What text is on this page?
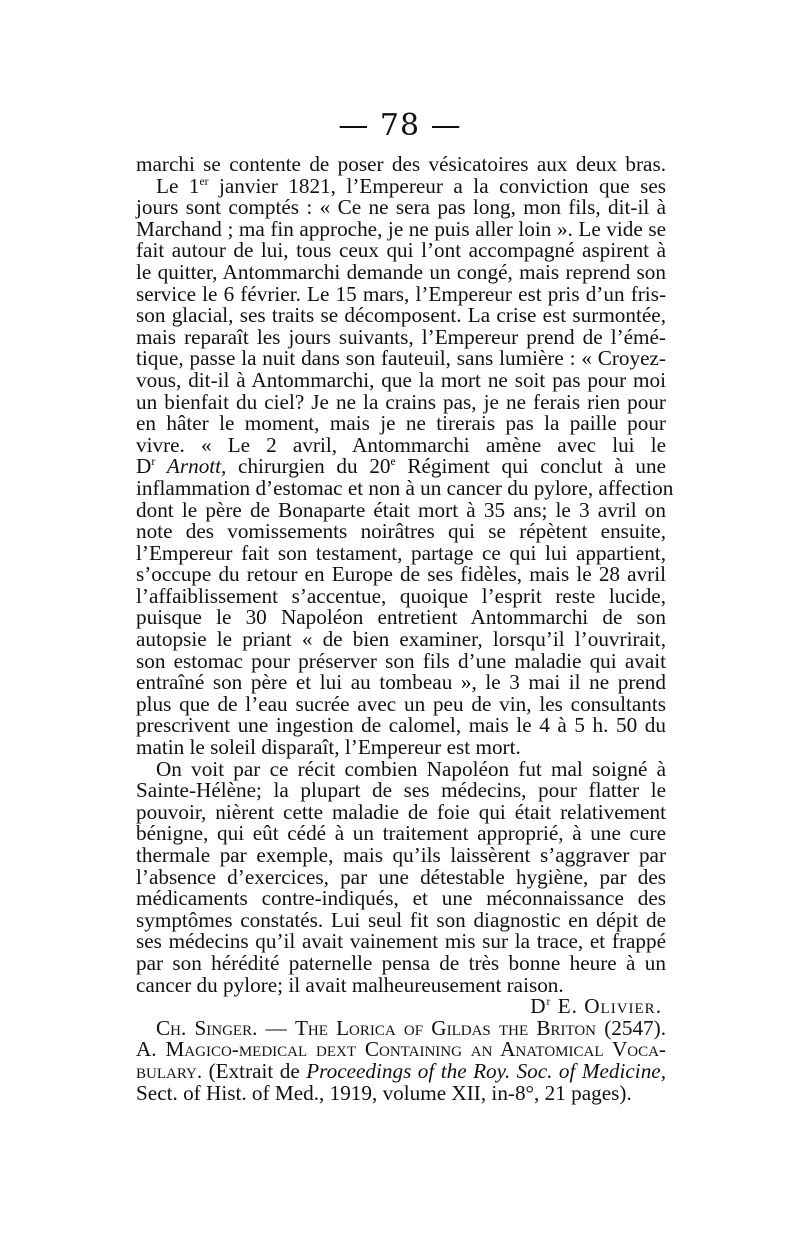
— 78 —
marchi se contente de poser des vésicatoires aux deux bras.
Le 1er janvier 1821, l’Empereur a la conviction que ses
jours sont comptés : « Ce ne sera pas long, mon fils, dit-il à
Marchand ; ma fin approche, je ne puis aller loin ». Le vide se
fait autour de lui, tous ceux qui l’ont accompagné aspirent à
le quitter, Antommarchi demande un congé, mais reprend son
service le 6 février. Le 15 mars, l’Empereur est pris d’un fris-
son glacial, ses traits se décomposent. La crise est surmontée,
mais reparaît les jours suivants, l’Empereur prend de l’émé-
tique, passe la nuit dans son fauteuil, sans lumière : « Croyez-
vous, dit-il à Antommarchi, que la mort ne soit pas pour moi
un bienfait du ciel? Je ne la crains pas, je ne ferais rien pour
en hâter le moment, mais je ne tirerais pas la paille pour
vivre. « Le 2 avril, Antommarchi amène avec lui le
$D^r$ Arnott, chirurgien du 20e Régiment qui conclut à une
inflammation d’estomac et non à un cancer du pylore, affection
dont le père de Bonaparte était mort à 35 ans; le 3 avril on
note des vomissements noirâtres qui se répètent ensuite,
l’Empereur fait son testament, partage ce qui lui appartient,
s’occupe du retour en Europe de ses fidèles, mais le 28 avril
l’affaiblissement s’accentue, quoique l’esprit reste lucide,
puisque le 30 Napoléon entretient Antommarchi de son
autopsie le priant « de bien examiner, lorsqu’il l’ouvrirait,
son estomac pour préserver son fils d’une maladie qui avait
entraîné son père et lui au tombeau », le 3 mai il ne prend
plus que de l’eau sucrée avec un peu de vin, les consultants
prescrivent une ingestion de calomel, mais le 4 à 5 h. 50 du
matin le soleil disparaît, l’Empereur est mort.
On voit par ce récit combien Napoléon fut mal soigné à
Sainte-Hélène; la plupart de ses médecins, pour flatter le
pouvoir, nièrent cette maladie de foie qui était relativement
bénigne, qui eût cédé à un traitement approprié, à une cure
thermale par exemple, mais qu’ils laissèrent s’aggraver par
l’absence d’exercices, par une détestable hygiène, par des
médicaments contre-indiqués, et une méconnaissance des
symptômes constatés. Lui seul fit son diagnostic en dépit de
ses médecins qu’il avait vainement mis sur la trace, et frappé
par son hérédité paternelle pensa de très bonne heure à un
cancer du pylore; il avait malheureusement raison.
$D^r$ E. Olivier.
Ch. Singer. — The Lorica of Gildas the Briton (2547).
A. Magico-medical dext Containing an Anatomical Voca-
bulary. (Extrait de Proceedings of the Roy. Soc. of Medicine,
Sect. of Hist. of Med., 1919, volume XII, in-8°, 21 pages).
